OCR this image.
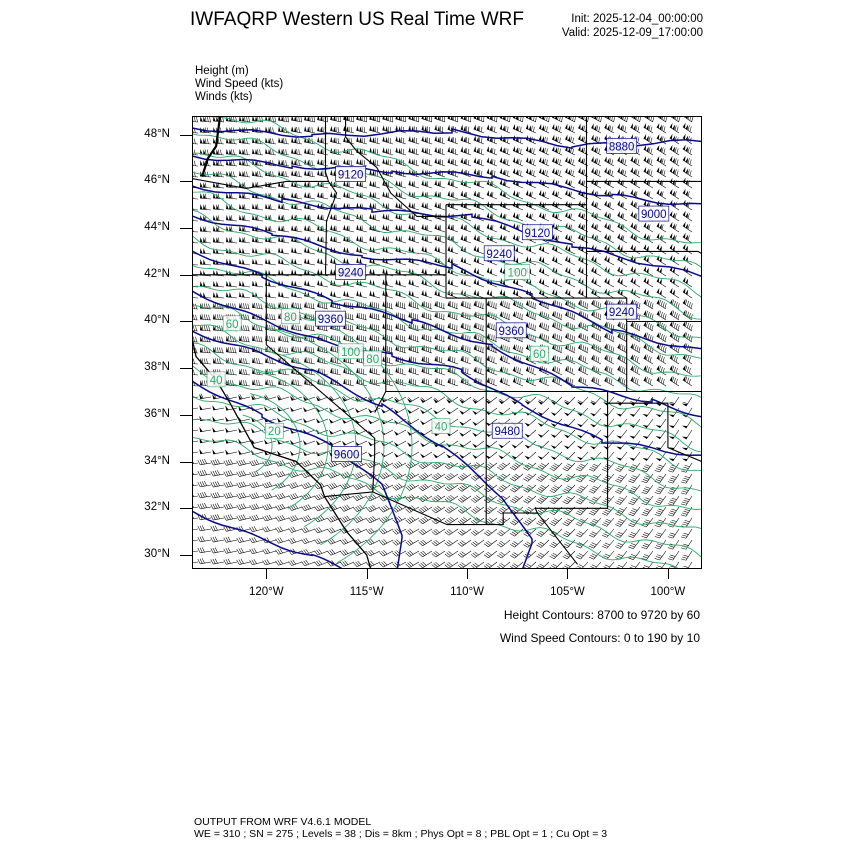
IWFAQRP Western US Real Time WRF	Init: 2025-12-04_00:00:00
Valid: 2025-12-09_17:00:00
Height (m)
Wind Speed (kts)
Winds (kts)
8880
9120
9000
9120
9240
9240
9360
9360
9240
9480
9600
100
100
80
80
60
60
40
40
20
48°N
46°N
44°N
42°N
40°N
38°N
36°N
34°N
32°N
30°N
120°W	115°W	110°W	105°W	100°W
Height Contours: 8700 to 9720 by 60
Wind Speed Contours: 0 to 190 by 10
OUTPUT FROM WRF V4.6.1 MODEL
WE = 310 ; SN = 275 ; Levels = 38 ; Dis = 8km ; Phys Opt = 8 ; PBL Opt = 1 ; Cu Opt = 3
